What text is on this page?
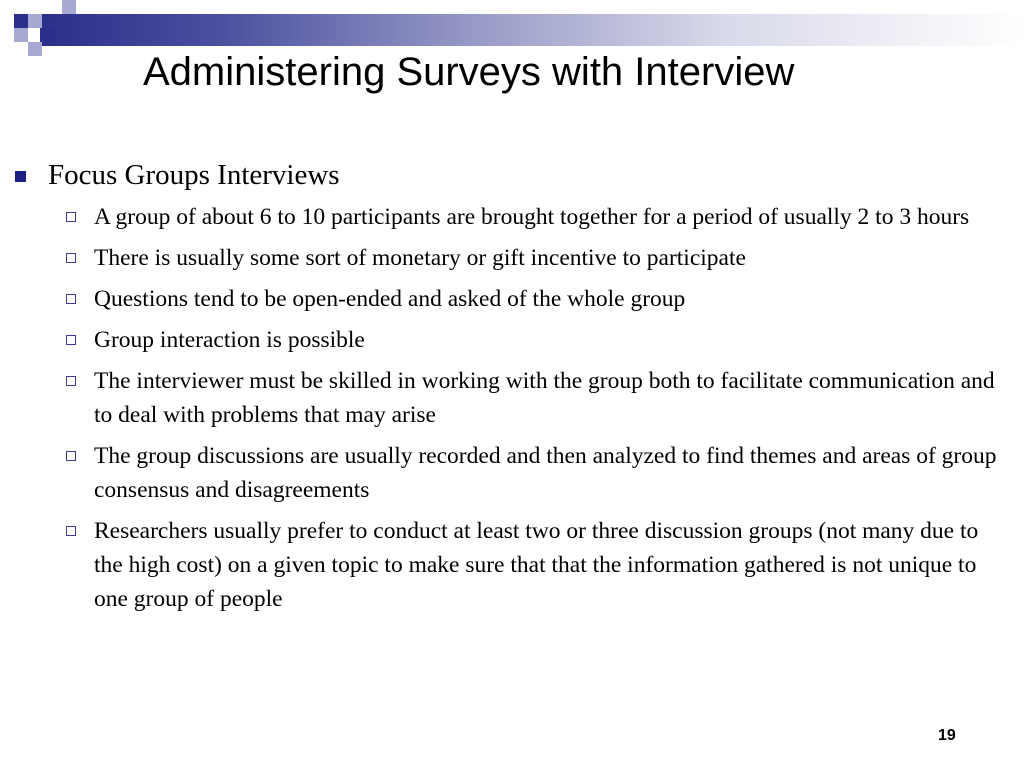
Administering Surveys with Interview
Focus Groups Interviews
A group of about 6 to 10 participants are brought together for a period of usually 2 to 3 hours
There is usually some sort of monetary or gift incentive to participate
Questions tend to be open-ended and asked of the whole group
Group interaction is possible
The interviewer must be skilled in working with the group both to facilitate communication and to deal with problems that may arise
The group discussions are usually recorded and then analyzed to find themes and areas of group consensus and disagreements
Researchers usually prefer to conduct at least two or three discussion groups (not many due to the high cost) on a given topic to make sure that that the information gathered is not unique to one group of people
19
